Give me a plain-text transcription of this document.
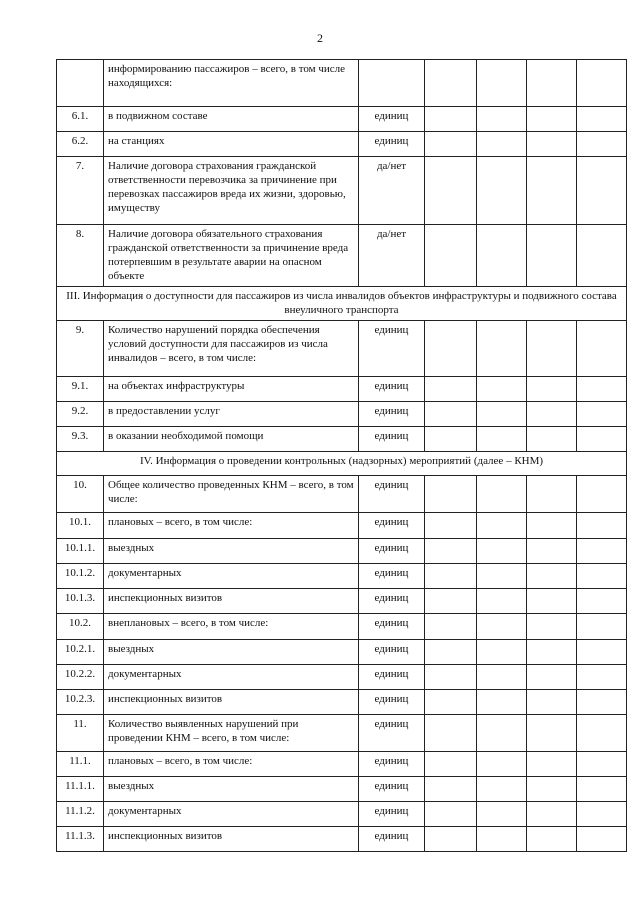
2
	информированию пассажиров – всего, в том числе находящихся:					
6.1.	в подвижном составе	единиц				
6.2.	на станциях	единиц				
7.	Наличие договора страхования гражданской ответственности перевозчика за причинение при перевозках пассажиров вреда их жизни, здоровью, имуществу	да/нет				
8.	Наличие договора обязательного страхования гражданской ответственности за причинение вреда потерпевшим в результате аварии на опасном объекте	да/нет				
III. Информация о доступности для пассажиров из числа инвалидов объектов инфраструктуры и подвижного состава внеуличного транспорта						
9.	Количество нарушений порядка обеспечения условий доступности для пассажиров из числа инвалидов – всего, в том числе:	единиц				
9.1.	на объектах инфраструктуры	единиц				
9.2.	в предоставлении услуг	единиц				
9.3.	в оказании необходимой помощи	единиц				
IV. Информация о проведении контрольных (надзорных) мероприятий (далее – КНМ)						
10.	Общее количество проведенных КНМ – всего, в том числе:	единиц				
10.1.	плановых – всего, в том числе:	единиц				
10.1.1.	выездных	единиц				
10.1.2.	документарных	единиц				
10.1.3.	инспекционных визитов	единиц				
10.2.	внеплановых – всего, в том числе:	единиц				
10.2.1.	выездных	единиц				
10.2.2.	документарных	единиц				
10.2.3.	инспекционных визитов	единиц				
11.	Количество выявленных нарушений при проведении КНМ – всего, в том числе:	единиц				
11.1.	плановых – всего, в том числе:	единиц				
11.1.1.	выездных	единиц				
11.1.2.	документарных	единиц				
11.1.3.	инспекционных визитов	единиц				
